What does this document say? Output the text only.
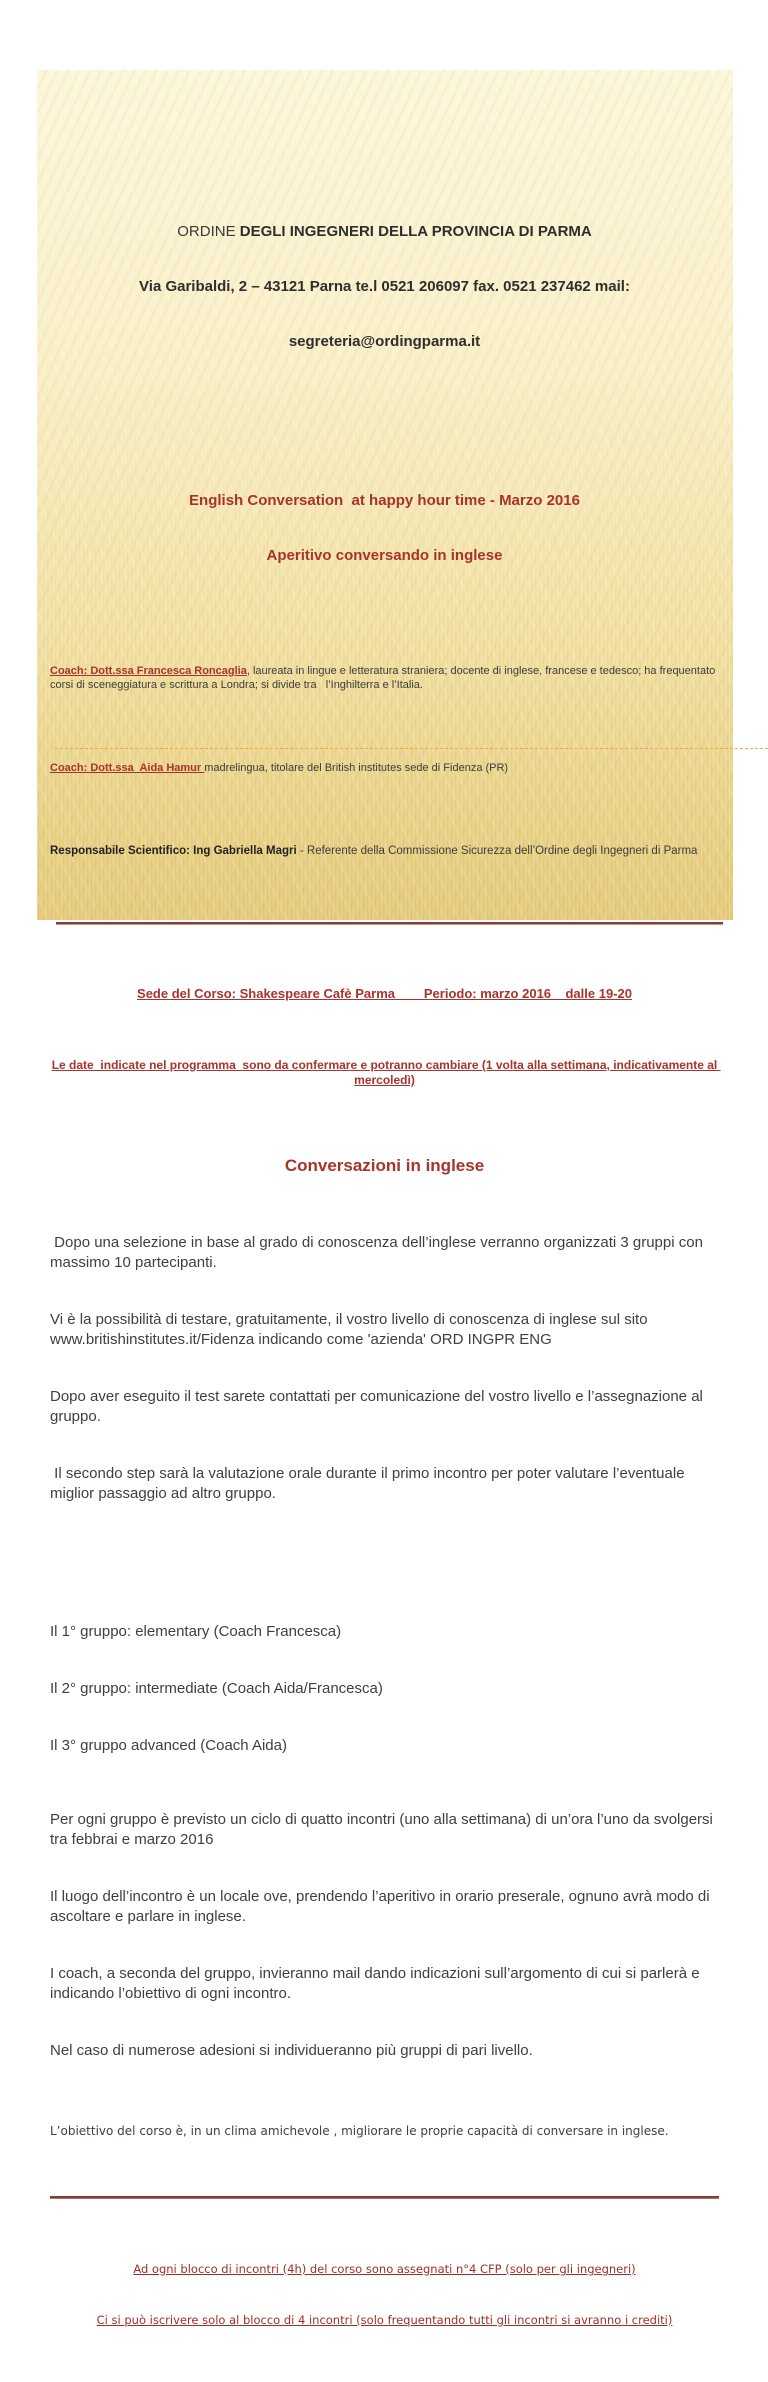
ORDINE DEGLI INGEGNERI DELLA PROVINCIA DI PARMA

Via Garibaldi, 2 – 43121 Parna te.l 0521 206097 fax. 0521 237462 mail:

segreteria@ordingparma.it

English Conversation  at happy hour time - Marzo 2016

Aperitivo conversando in inglese

Coach: Dott.ssa Francesca Roncaglia, laureata in lingue e letteratura straniera; docente di inglese, francese e tedesco; ha frequentato corsi di sceneggiatura e scrittura a Londra; si divide tra   l’Inghilterra e l’Italia.

Coach: Dott.ssa  Aida Hamur madrelingua, titolare del British institutes sede di Fidenza (PR)

Responsabile Scientifico: Ing Gabriella Magri - Referente della Commissione Sicurezza dell’Ordine degli Ingegneri di Parma

Sede del Corso: Shakespeare Cafè Parma        Periodo: marzo 2016    dalle 19-20

Le date  indicate nel programma  sono da confermare e potranno cambiare (1 volta alla settimana, indicativamente al mercoledì)

Conversazioni in inglese

Dopo una selezione in base al grado di conoscenza dell’inglese verranno organizzati 3 gruppi con massimo 10 partecipanti.

Vi è la possibilità di testare, gratuitamente, il vostro livello di conoscenza di inglese sul sito www.britishinstitutes.it/Fidenza indicando come 'azienda' ORD INGPR ENG

Dopo aver eseguito il test sarete contattati per comunicazione del vostro livello e l’assegnazione al gruppo.

Il secondo step sarà la valutazione orale durante il primo incontro per poter valutare l’eventuale miglior passaggio ad altro gruppo.

Il 1° gruppo: elementary (Coach Francesca)

Il 2° gruppo: intermediate (Coach Aida/Francesca)

Il 3° gruppo advanced (Coach Aida)

Per ogni gruppo è previsto un ciclo di quatto incontri (uno alla settimana) di un’ora l’uno da svolgersi tra febbrai e marzo 2016

Il luogo dell’incontro è un locale ove, prendendo l’aperitivo in orario preserale, ognuno avrà modo di ascoltare e parlare in inglese.

I coach, a seconda del gruppo, invieranno mail dando indicazioni sull’argomento di cui si parlerà e indicando l’obiettivo di ogni incontro.

Nel caso di numerose adesioni si individueranno più gruppi di pari livello.

L’obiettivo del corso è, in un clima amichevole , migliorare le proprie capacità di conversare in inglese.

Ad ogni blocco di incontri (4h) del corso sono assegnati n°4 CFP (solo per gli ingegneri)

Ci si può iscrivere solo al blocco di 4 incontri (solo frequentando tutti gli incontri si avranno i crediti)
